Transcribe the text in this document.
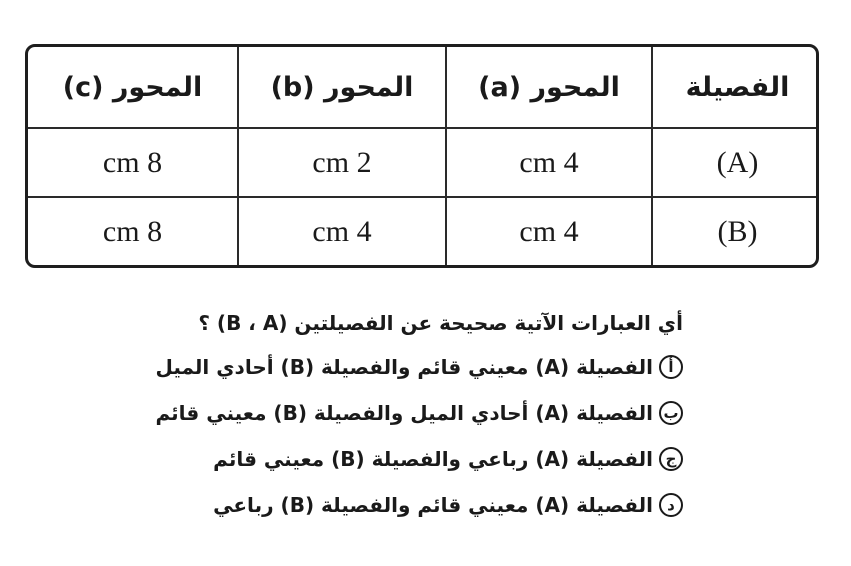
الفصيلة	المحور (a)	المحور (b)	المحور (c)
(A)	4 cm	2 cm	8 cm
(B)	4 cm	4 cm	8 cm

أي العبارات الآتية صحيحة عن الفصيلتين (B ، A) ؟

أ
الفصيلة (A) معيني قائم والفصيلة (B) أحادي الميل
ب
الفصيلة (A) أحادي الميل والفصيلة (B) معيني قائم
ج
الفصيلة (A) رباعي والفصيلة (B) معيني قائم
د
الفصيلة (A) معيني قائم والفصيلة (B) رباعي
